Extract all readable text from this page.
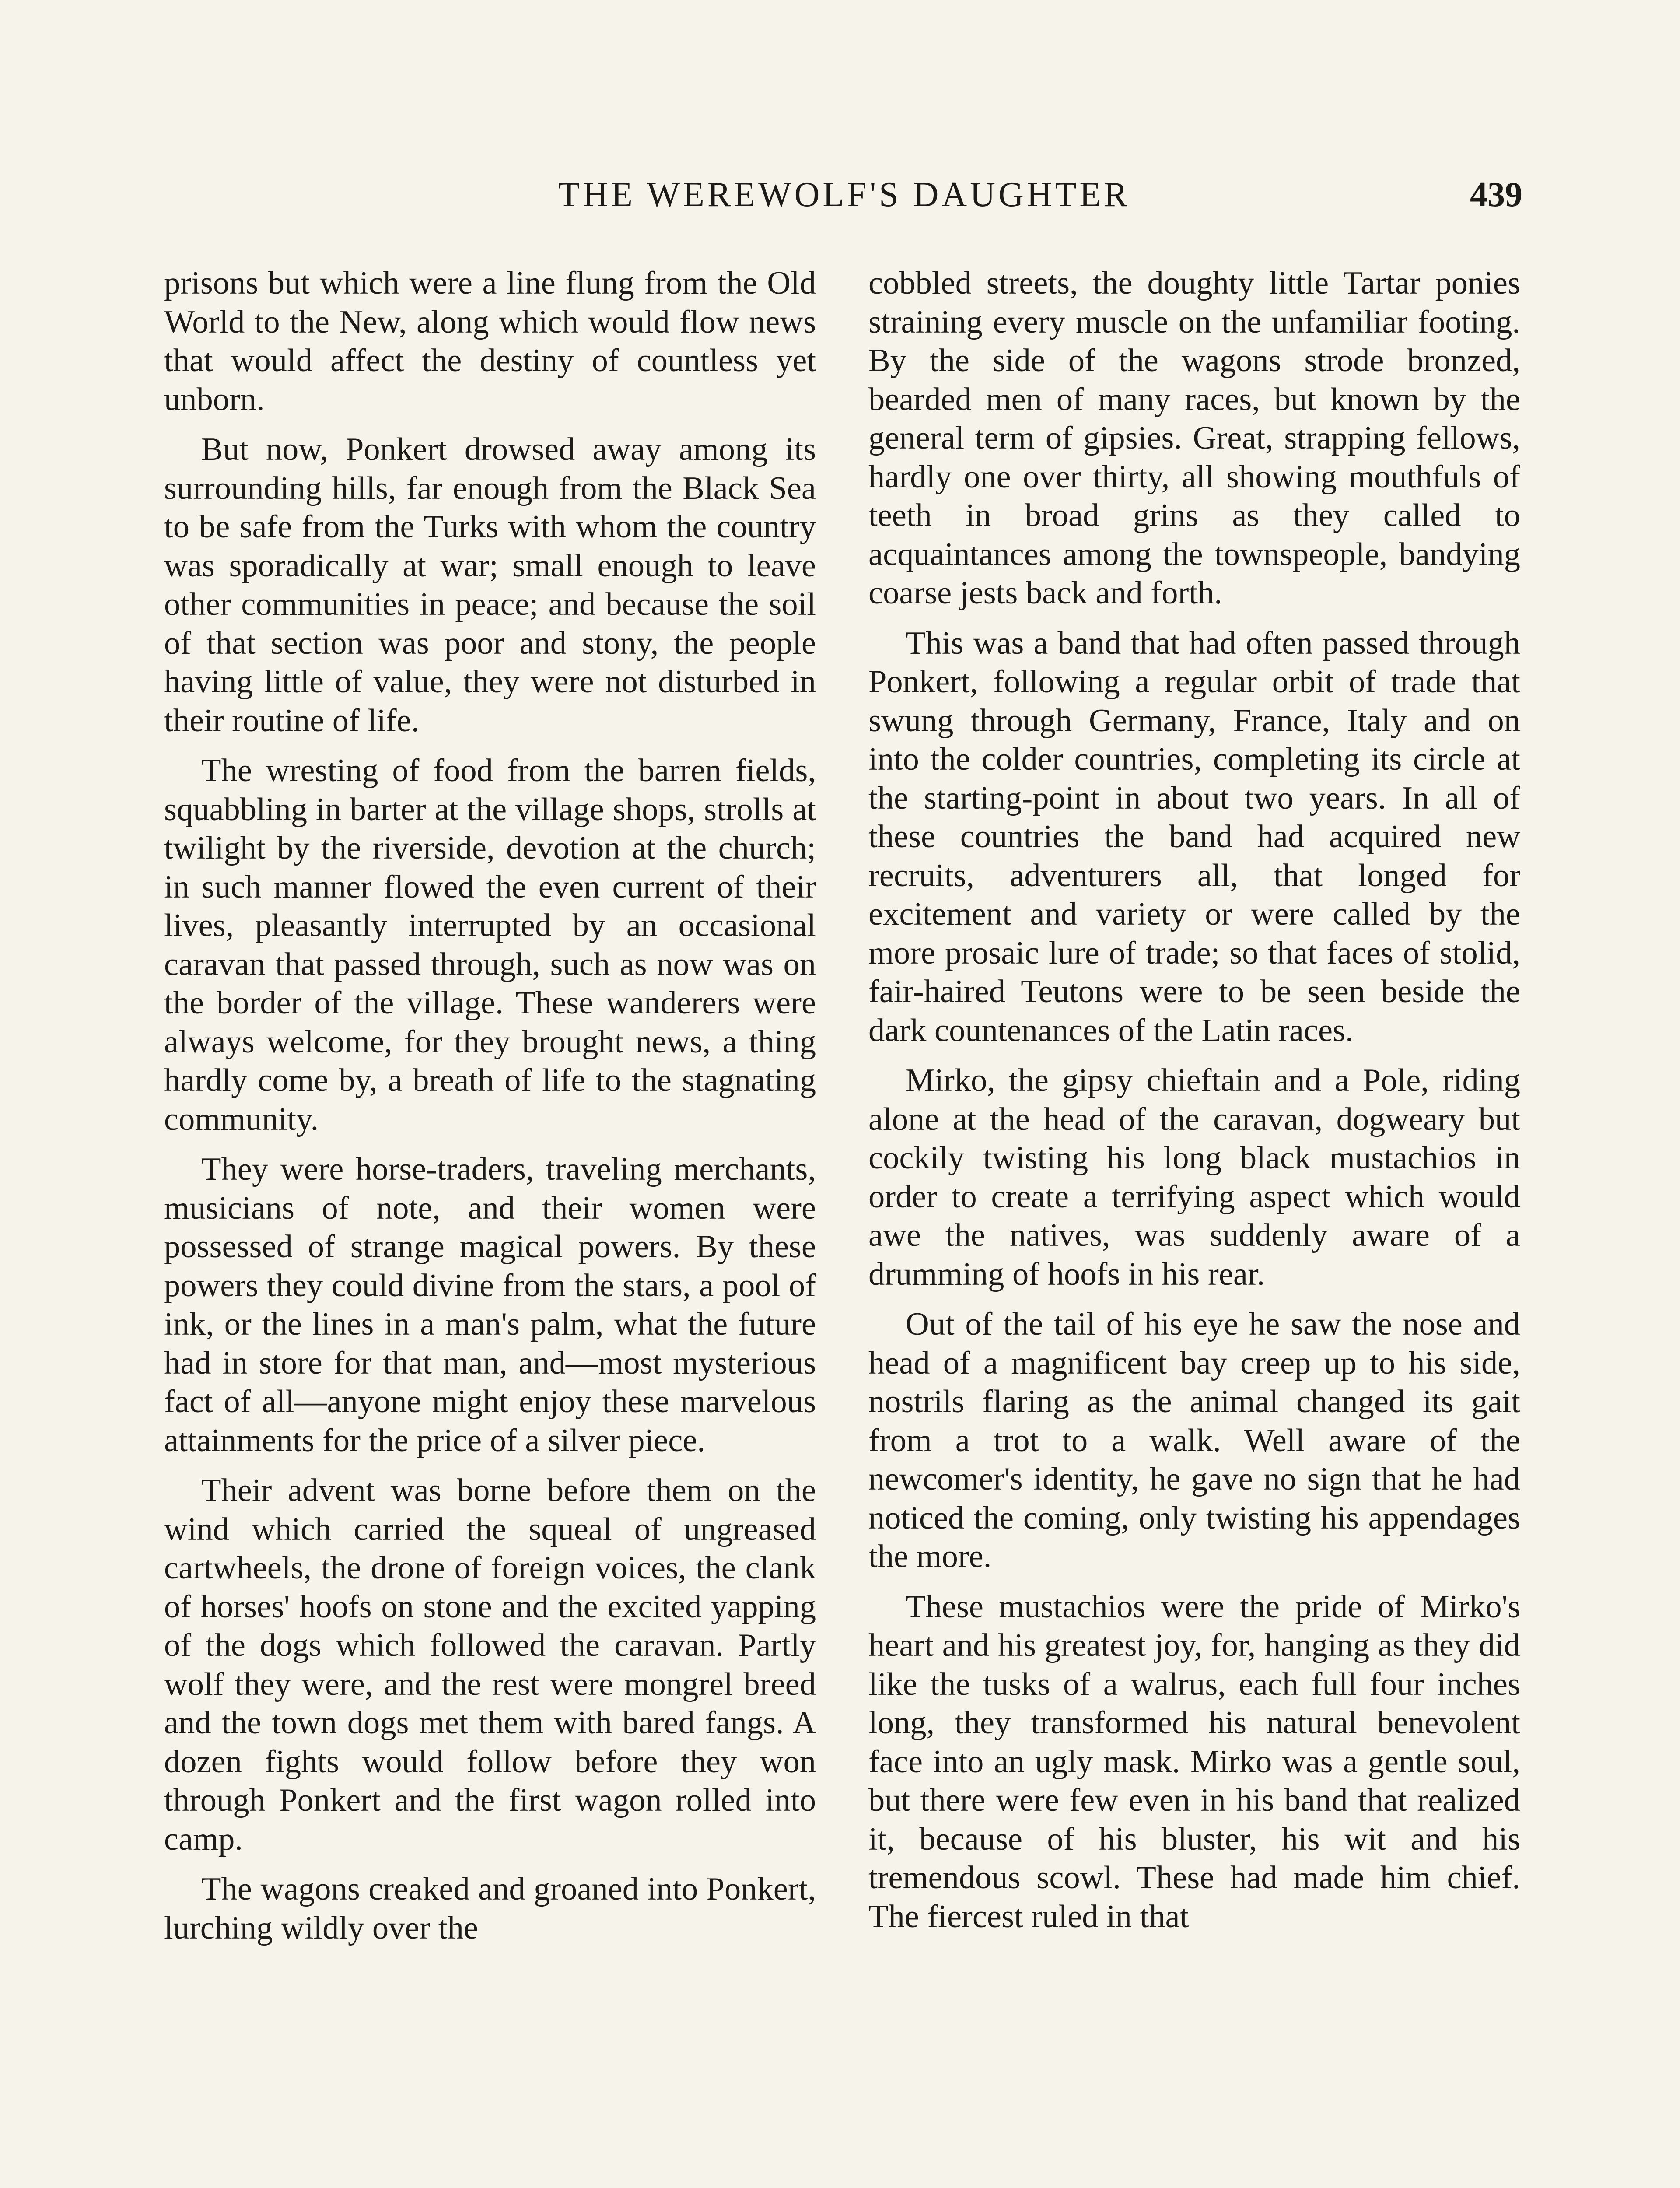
THE WEREWOLF'S DAUGHTER	439

prisons but which were a line flung from the Old World to the New, along which would flow news that would affect the destiny of countless yet unborn.

But now, Ponkert drowsed away among its surrounding hills, far enough from the Black Sea to be safe from the Turks with whom the country was sporadically at war; small enough to leave other communities in peace; and because the soil of that section was poor and stony, the people having little of value, they were not disturbed in their routine of life.

The wresting of food from the barren fields, squabbling in barter at the village shops, strolls at twilight by the riverside, devotion at the church; in such manner flowed the even current of their lives, pleasantly interrupted by an occasional caravan that passed through, such as now was on the border of the village. These wanderers were always welcome, for they brought news, a thing hardly come by, a breath of life to the stagnating community.

They were horse-traders, traveling merchants, musicians of note, and their women were possessed of strange magical powers. By these powers they could divine from the stars, a pool of ink, or the lines in a man's palm, what the future had in store for that man, and—most mysterious fact of all—anyone might enjoy these marvelous attainments for the price of a silver piece.

Their advent was borne before them on the wind which carried the squeal of ungreased cartwheels, the drone of foreign voices, the clank of horses' hoofs on stone and the excited yapping of the dogs which followed the caravan. Partly wolf they were, and the rest were mongrel breed and the town dogs met them with bared fangs. A dozen fights would follow before they won through Ponkert and the first wagon rolled into camp.

The wagons creaked and groaned into Ponkert, lurching wildly over the

cobbled streets, the doughty little Tartar ponies straining every muscle on the unfamiliar footing. By the side of the wagons strode bronzed, bearded men of many races, but known by the general term of gipsies. Great, strapping fellows, hardly one over thirty, all showing mouthfuls of teeth in broad grins as they called to acquaintances among the townspeople, bandying coarse jests back and forth.

This was a band that had often passed through Ponkert, following a regular orbit of trade that swung through Germany, France, Italy and on into the colder countries, completing its circle at the starting-point in about two years. In all of these countries the band had acquired new recruits, adventurers all, that longed for excitement and variety or were called by the more prosaic lure of trade; so that faces of stolid, fair-haired Teutons were to be seen beside the dark countenances of the Latin races.

Mirko, the gipsy chieftain and a Pole, riding alone at the head of the caravan, dogweary but cockily twisting his long black mustachios in order to create a terrifying aspect which would awe the natives, was suddenly aware of a drumming of hoofs in his rear.

Out of the tail of his eye he saw the nose and head of a magnificent bay creep up to his side, nostrils flaring as the animal changed its gait from a trot to a walk. Well aware of the newcomer's identity, he gave no sign that he had noticed the coming, only twisting his appendages the more.

These mustachios were the pride of Mirko's heart and his greatest joy, for, hanging as they did like the tusks of a walrus, each full four inches long, they transformed his natural benevolent face into an ugly mask. Mirko was a gentle soul, but there were few even in his band that realized it, because of his bluster, his wit and his tremendous scowl. These had made him chief. The fiercest ruled in that
